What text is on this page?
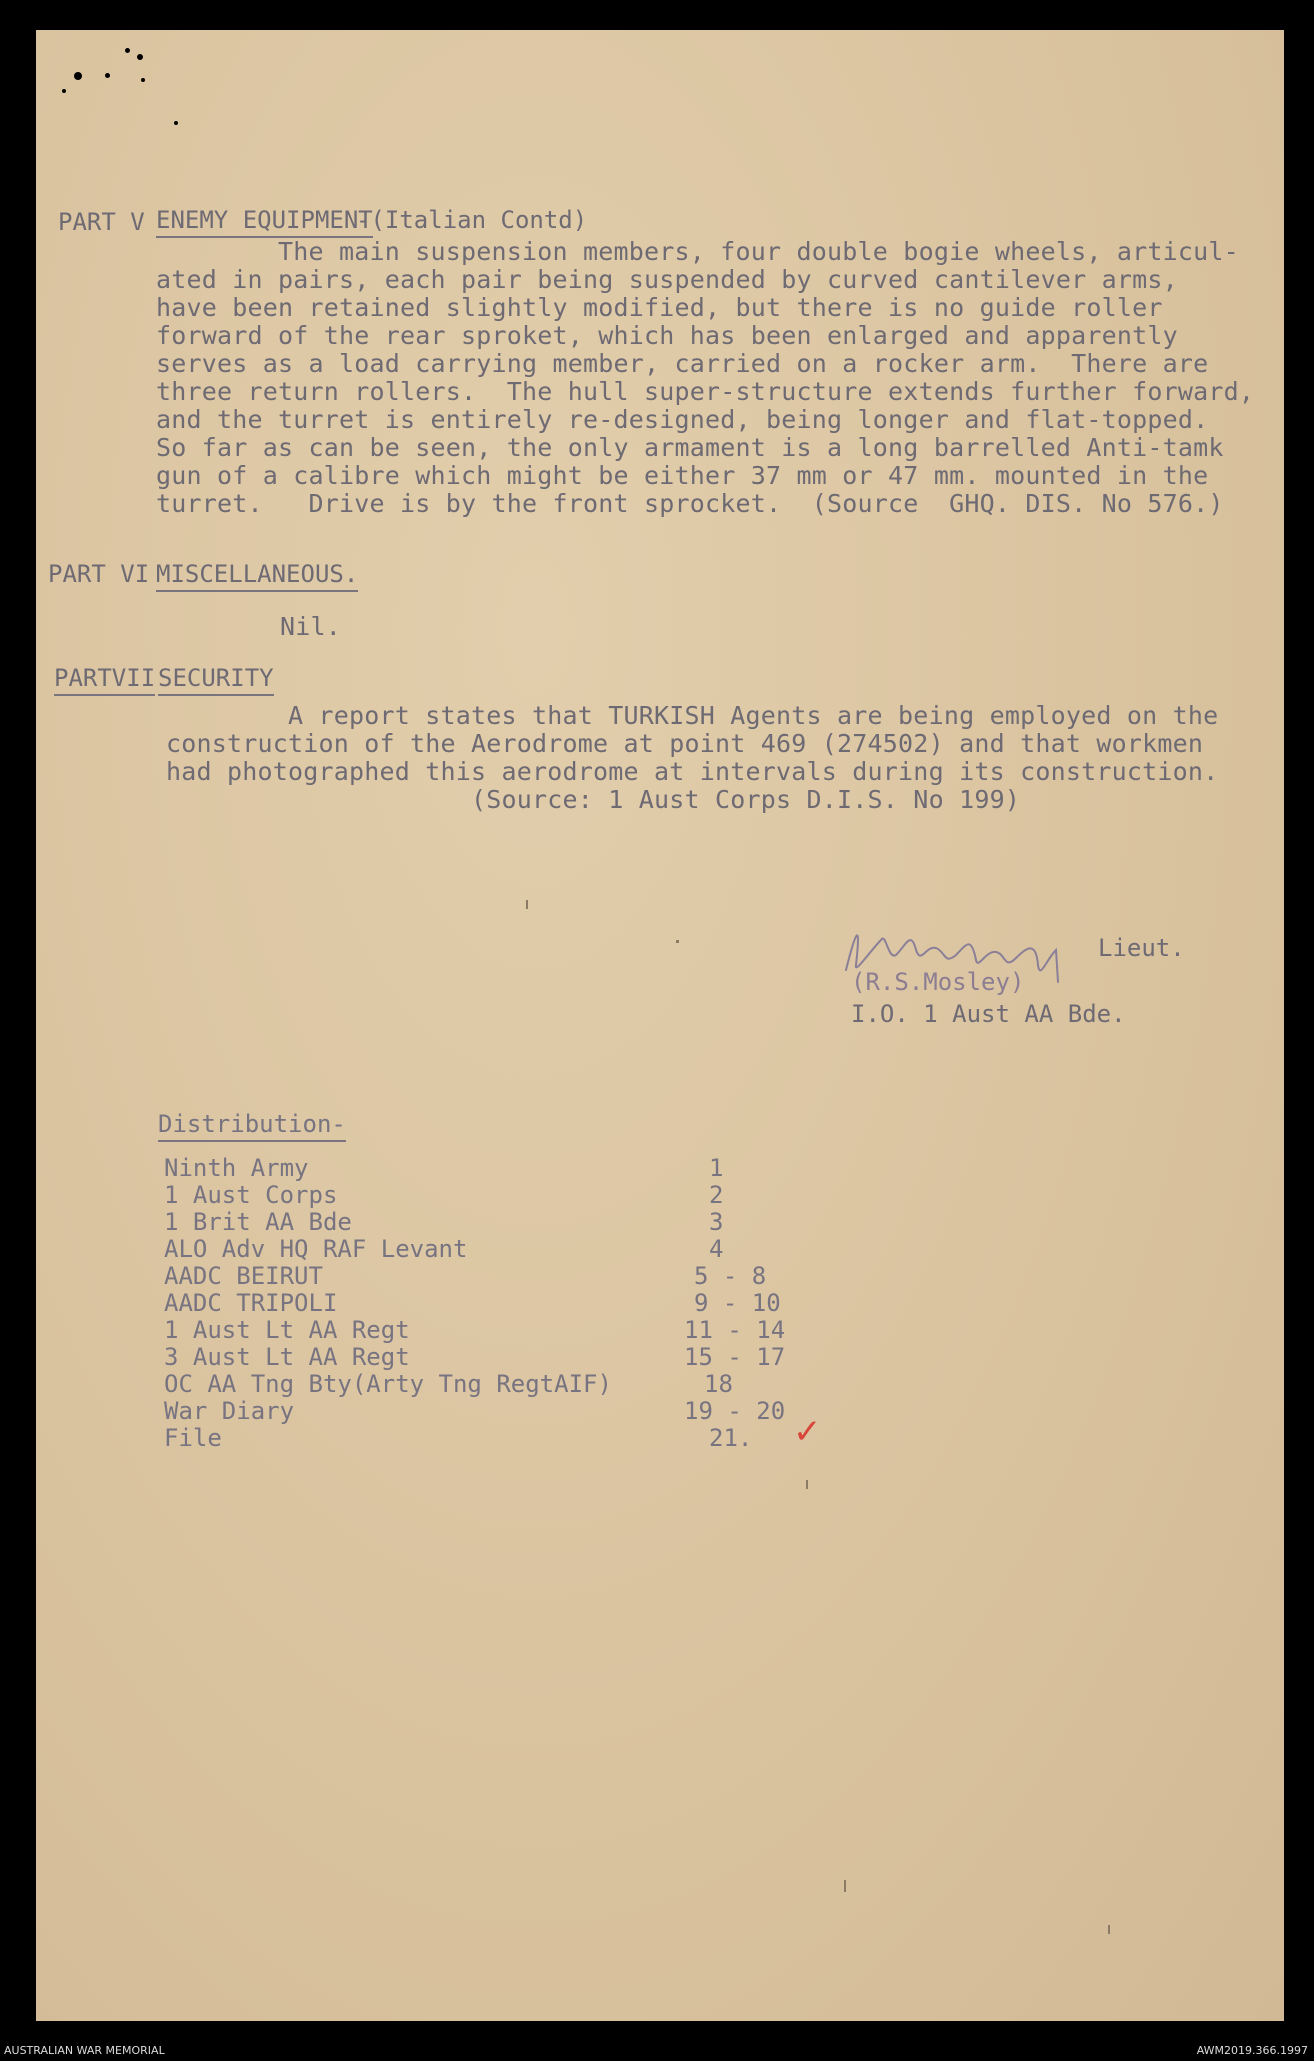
PART V ENEMY EQUIPMENT
-(Italian Contd)
The main suspension members, four double bogie wheels, articul-
ated in pairs, each pair being suspended by curved cantilever arms,
have been retained slightly modified, but there is no guide roller
forward of the rear sproket, which has been enlarged and apparently
serves as a load carrying member, carried on a rocker arm.  There are
three return rollers.  The hull super-structure extends further forward,
and the turret is entirely re-designed, being longer and flat-topped.
So far as can be seen, the only armament is a long barrelled Anti-tamk
gun of a calibre which might be either 37 mm or 47 mm. mounted in the
turret.   Drive is by the front sprocket.  (Source  GHQ. DIS. No 576.)
PART VI MISCELLANEOUS.
Nil.
PARTVII SECURITY
A report states that TURKISH Agents are being employed on the
construction of the Aerodrome at point 469 (274502) and that workmen
had photographed this aerodrome at intervals during its construction.
(Source: 1 Aust Corps D.I.S. No 199)
Lieut.
(R.S.Mosley)
I.O. 1 Aust AA Bde.
Distribution-
Ninth Army	1
1 Aust Corps	2
1 Brit AA Bde	3
ALO Adv HQ RAF Levant	4
AADC BEIRUT	5 - 8
AADC TRIPOLI	9 - 10
1 Aust Lt AA Regt	11 - 14
3 Aust Lt AA Regt	15 - 17
OC AA Tng Bty(Arty Tng RegtAIF)	18
War Diary	19 - 20
File	21.	✓
AUSTRALIAN WAR MEMORIAL	AWM2019.366.1997
